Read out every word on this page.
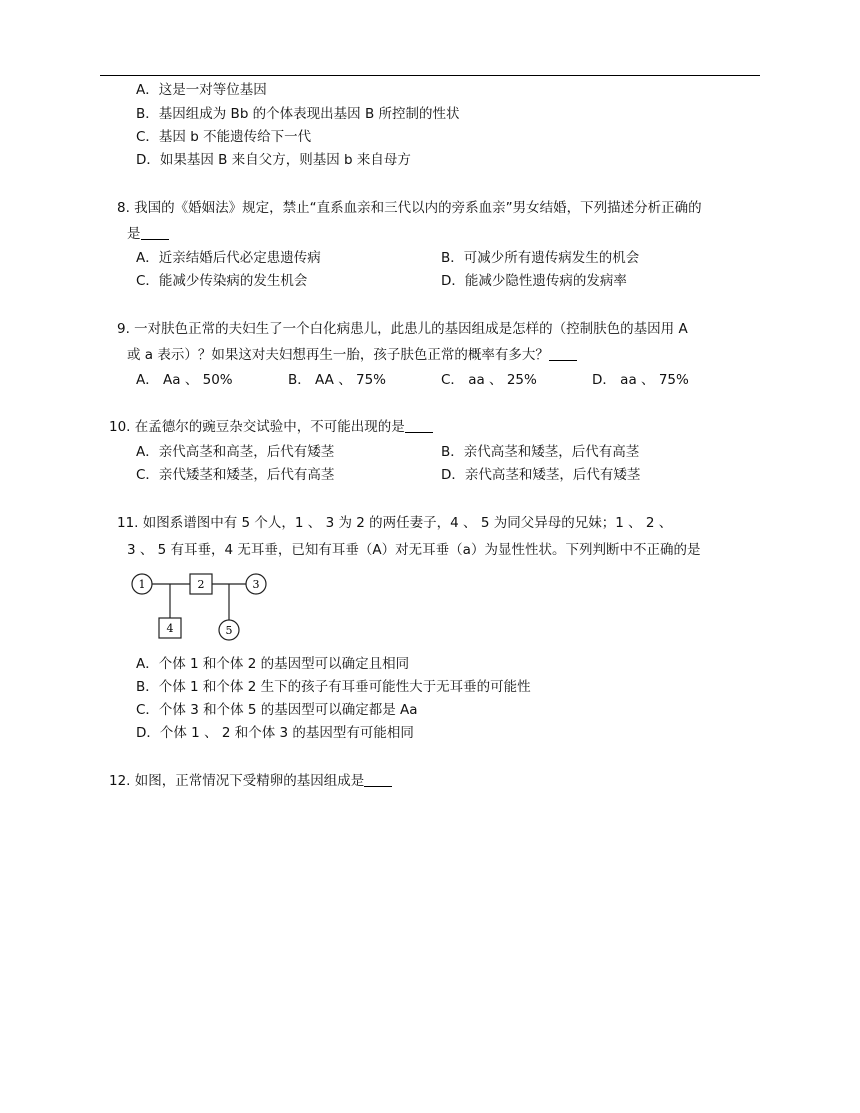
A．这是一对等位基因
B．基因组成为 Bb 的个体表现出基因 B 所控制的性状
C．基因 b 不能遗传给下一代
D．如果基因 B 来自父方，则基因 b 来自母方
8. 我国的《婚姻法》规定，禁止“直系血亲和三代以内的旁系血亲”男女结婚，下列描述分析正确的
是
A．近亲结婚后代必定患遗传病	B．可减少所有遗传病发生的机会
C．能减少传染病的发生机会	D．能减少隐性遗传病的发病率
9. 一对肤色正常的夫妇生了一个白化病患儿，此患儿的基因组成是怎样的（控制肤色的基因用 A
或 a 表示）？如果这对夫妇想再生一胎，孩子肤色正常的概率有多大？
A． Aa 、 50%	B． AA 、 75%	C． aa 、 25%	D． aa 、 75%
10. 在孟德尔的豌豆杂交试验中，不可能出现的是
A．亲代高茎和高茎，后代有矮茎	B．亲代高茎和矮茎，后代有高茎
C．亲代矮茎和矮茎，后代有高茎	D．亲代高茎和矮茎，后代有矮茎
11. 如图系谱图中有 5 个人，1 、 3 为 2 的两任妻子，4 、 5 为同父异母的兄妹；1 、 2 、
3 、 5 有耳垂，4 无耳垂，已知有耳垂（A）对无耳垂（a）为显性性状。下列判断中不正确的是
1	2	3
4	5
A．个体 1 和个体 2 的基因型可以确定且相同
B．个体 1 和个体 2 生下的孩子有耳垂可能性大于无耳垂的可能性
C．个体 3 和个体 5 的基因型可以确定都是 Aa
D．个体 1 、 2 和个体 3 的基因型有可能相同
12. 如图，正常情况下受精卵的基因组成是
